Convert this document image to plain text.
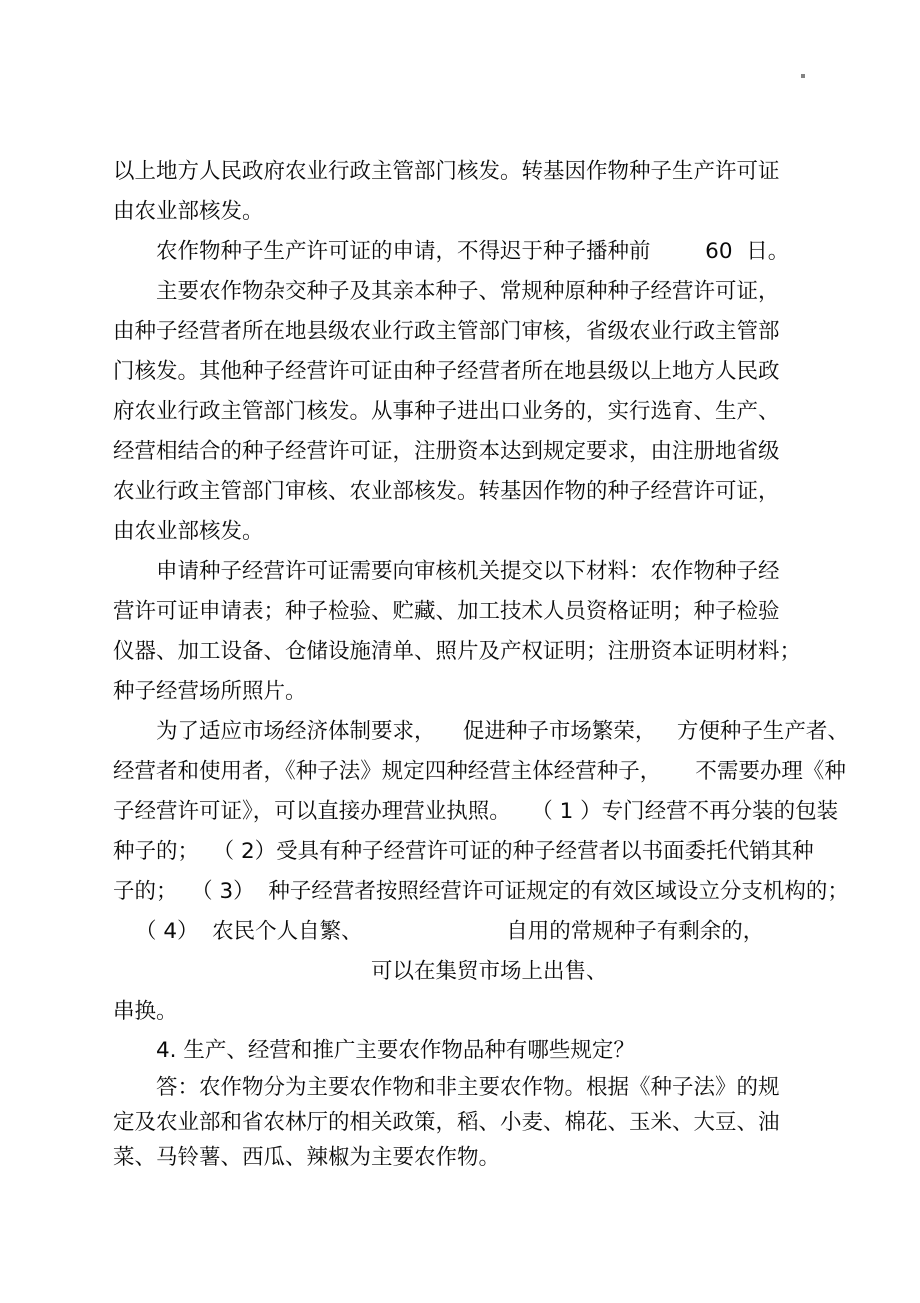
以上地方人民政府农业行政主管部门核发。转基因作物种子生产许可证
由农业部核发。
农作物种子生产许可证的申请，不得迟于种子播种前        60  日。
主要农作物杂交种子及其亲本种子、常规种原种种子经营许可证，
由种子经营者所在地县级农业行政主管部门审核，省级农业行政主管部
门核发。其他种子经营许可证由种子经营者所在地县级以上地方人民政
府农业行政主管部门核发。从事种子进出口业务的，实行选育、生产、
经营相结合的种子经营许可证，注册资本达到规定要求，由注册地省级
农业行政主管部门审核、农业部核发。转基因作物的种子经营许可证，
由农业部核发。
申请种子经营许可证需要向审核机关提交以下材料：农作物种子经
营许可证申请表；种子检验、贮藏、加工技术人员资格证明；种子检验
仪器、加工设备、仓储设施清单、照片及产权证明；注册资本证明材料；
种子经营场所照片。
为了适应市场经济体制要求，    促进种子市场繁荣，   方便种子生产者、
经营者和使用者，《种子法》规定四种经营主体经营种子，     不需要办理《种
子经营许可证》，可以直接办理营业执照。   （ 1 ）专门经营不再分装的包装
种子的；  （ 2）受具有种子经营许可证的种子经营者以书面委托代销其种
子的；  （ 3）  种子经营者按照经营许可证规定的有效区域设立分支机构的；
（ 4）  农民个人自繁、                     自用的常规种子有剩余的，
可以在集贸市场上出售、
串换。
4. 生产、经营和推广主要农作物品种有哪些规定？
答：农作物分为主要农作物和非主要农作物。根据《种子法》的规
定及农业部和省农林厅的相关政策，稻、小麦、棉花、玉米、大豆、油
菜、马铃薯、西瓜、辣椒为主要农作物。
